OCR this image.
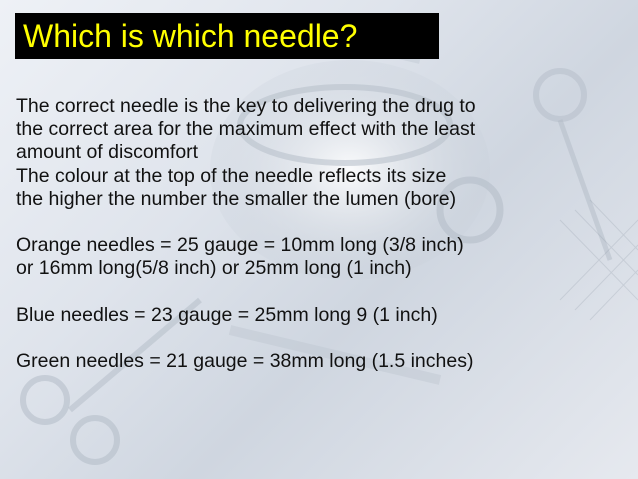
Which is which needle?
The correct needle is the key to delivering the drug to
the correct area for the maximum effect with the least
amount of discomfort
The colour at the top of the needle reflects its size
the higher the number the smaller the lumen (bore)
Orange needles = 25 gauge = 10mm long (3/8 inch)
or 16mm long(5/8 inch) or 25mm long (1 inch)
Blue needles = 23 gauge = 25mm long 9 (1 inch)
Green needles = 21 gauge = 38mm long (1.5 inches)
